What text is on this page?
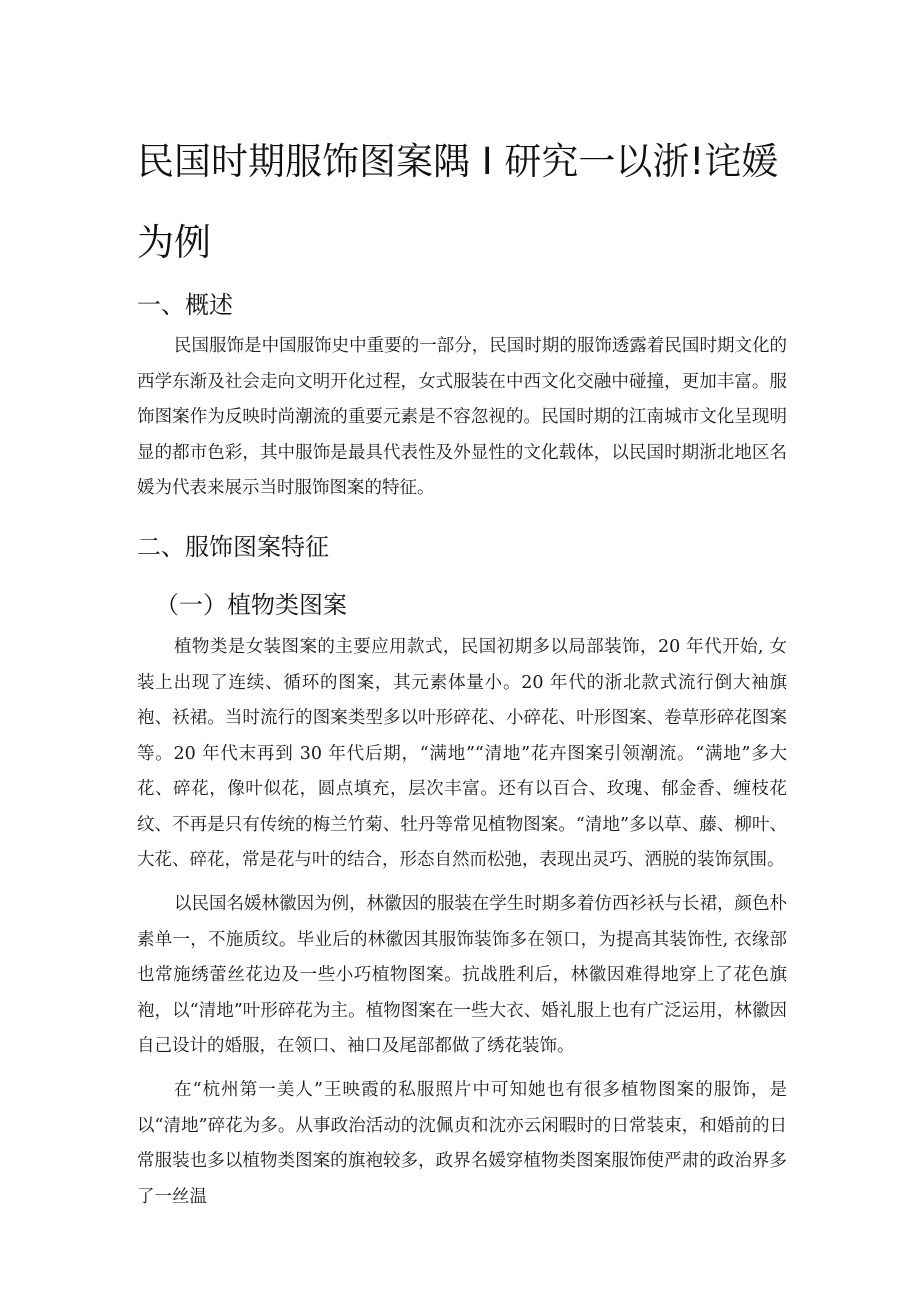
民国时期服饰图案隅 I 研究一以浙!诧媛
为例
一、概述

民国服饰是中国服饰史中重要的一部分，民国时期的服饰透露着民国时期文化的西学东渐及社会走向文明开化过程，女式服装在中西文化交融中碰撞，更加丰富。服饰图案作为反映时尚潮流的重要元素是不容忽视的。民国时期的江南城市文化呈现明显的都市色彩，其中服饰是最具代表性及外显性的文化载体，以民国时期浙北地区名媛为代表来展示当时服饰图案的特征。

二、服饰图案特征
（一）植物类图案

植物类是女装图案的主要应用款式，民国初期多以局部装饰，20 年代开始, 女装上出现了连续、循环的图案，其元素体量小。20 年代的浙北款式流行倒大袖旗袍、袄裙。当时流行的图案类型多以叶形碎花、小碎花、叶形图案、卷草形碎花图案等。20 年代末再到 30 年代后期，“满地”“清地”花卉图案引领潮流。“满地”多大花、碎花，像叶似花，圆点填充，层次丰富。还有以百合、玫瑰、郁金香、缠枝花纹、不再是只有传统的梅兰竹菊、牡丹等常见植物图案。“清地”多以草、藤、柳叶、大花、碎花，常是花与叶的结合，形态自然而松弛，表现出灵巧、洒脱的装饰氛围。

以民国名媛林徽因为例，林徽因的服装在学生时期多着仿西衫袄与长裙，颜色朴素单一，不施质纹。毕业后的林徽因其服饰装饰多在领口，为提高其装饰性, 衣缘部也常施绣蕾丝花边及一些小巧植物图案。抗战胜利后，林徽因难得地穿上了花色旗袍，以“清地”叶形碎花为主。植物图案在一些大衣、婚礼服上也有广泛运用，林徽因自己设计的婚服，在领口、袖口及尾部都做了绣花装饰。

在“杭州第一美人”王映霞的私服照片中可知她也有很多植物图案的服饰，是以“清地”碎花为多。从事政治活动的沈佩贞和沈亦云闲暇时的日常装束，和婚前的日常服装也多以植物类图案的旗袍较多，政界名媛穿植物类图案服饰使严肃的政治界多了一丝温
